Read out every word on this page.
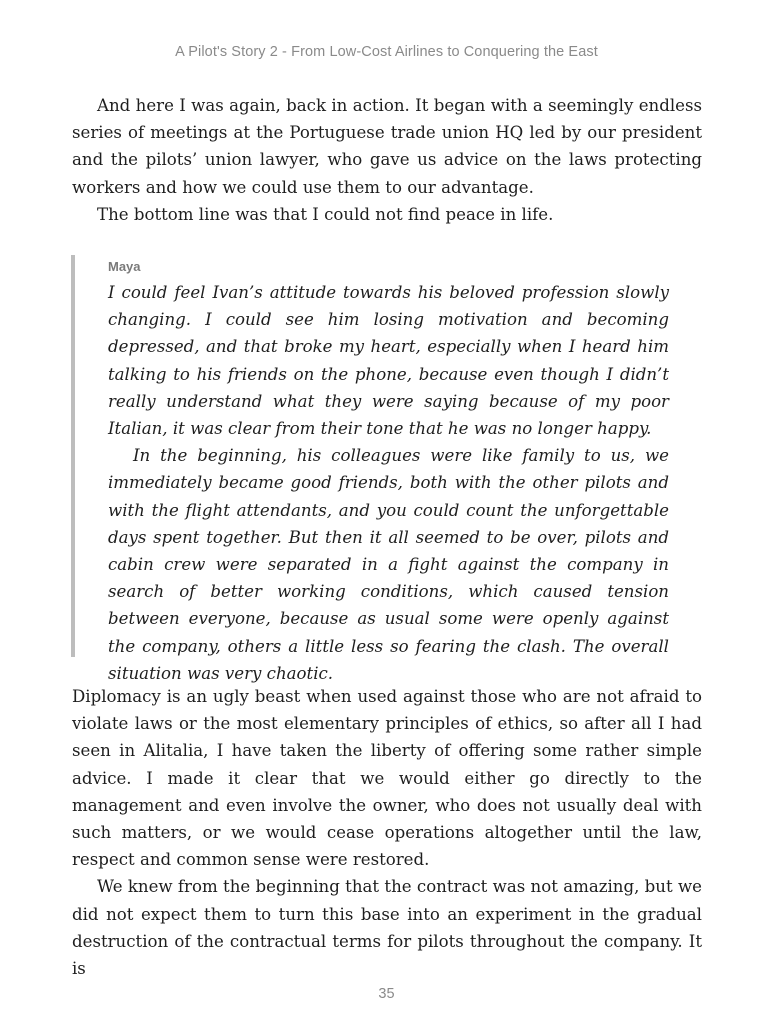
A Pilot's Story 2 - From Low-Cost Airlines to Conquering the East

And here I was again, back in action. It began with a seemingly endless series of meetings at the Portuguese trade union HQ led by our president and the pilots’ union lawyer, who gave us advice on the laws protecting workers and how we could use them to our advantage.

The bottom line was that I could not find peace in life.

Maya

I could feel Ivan’s attitude towards his beloved profession slowly changing. I could see him losing motivation and becoming depressed, and that broke my heart, especially when I heard him talking to his friends on the phone, because even though I didn’t really understand what they were saying because of my poor Italian, it was clear from their tone that he was no longer happy.

In the beginning, his colleagues were like family to us, we immediately became good friends, both with the other pilots and with the flight attendants, and you could count the unforgettable days spent together. But then it all seemed to be over, pilots and cabin crew were separated in a fight against the company in search of better working conditions, which caused tension between everyone, because as usual some were openly against the company, others a little less so fearing the clash. The overall situation was very chaotic.

Diplomacy is an ugly beast when used against those who are not afraid to violate laws or the most elementary principles of ethics, so after all I had seen in Alitalia, I have taken the liberty of offering some rather simple advice. I made it clear that we would either go directly to the management and even involve the owner, who does not usually deal with such matters, or we would cease operations altogether until the law, respect and common sense were restored.

We knew from the beginning that the contract was not amazing, but we did not expect them to turn this base into an experiment in the gradual destruction of the contractual terms for pilots throughout the company. It is

35
